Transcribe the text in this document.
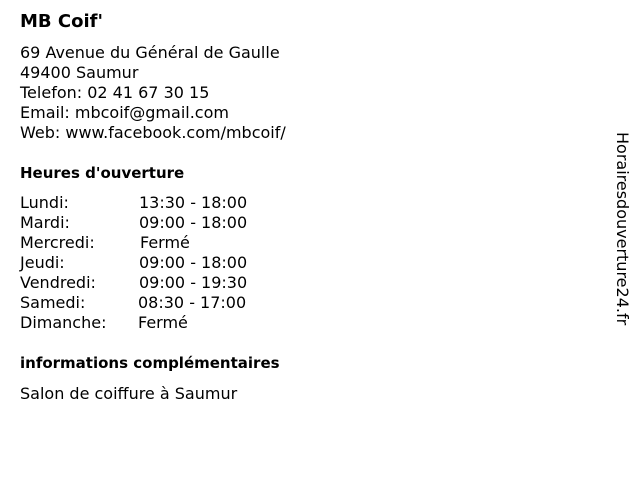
MB Coif'
69 Avenue du Général de Gaulle
49400 Saumur
Telefon: 02 41 67 30 15
Email: mbcoif@gmail.com
Web: www.facebook.com/mbcoif/
Heures d'ouverture
Lundi:	13:30 - 18:00
Mardi:	09:00 - 18:00
Mercredi:	Fermé
Jeudi:	09:00 - 18:00
Vendredi:	09:00 - 19:30
Samedi:	08:30 - 17:00
Dimanche: Fermé
informations complémentaires
Salon de coiffure à Saumur
Horairesdouverture24.fr
